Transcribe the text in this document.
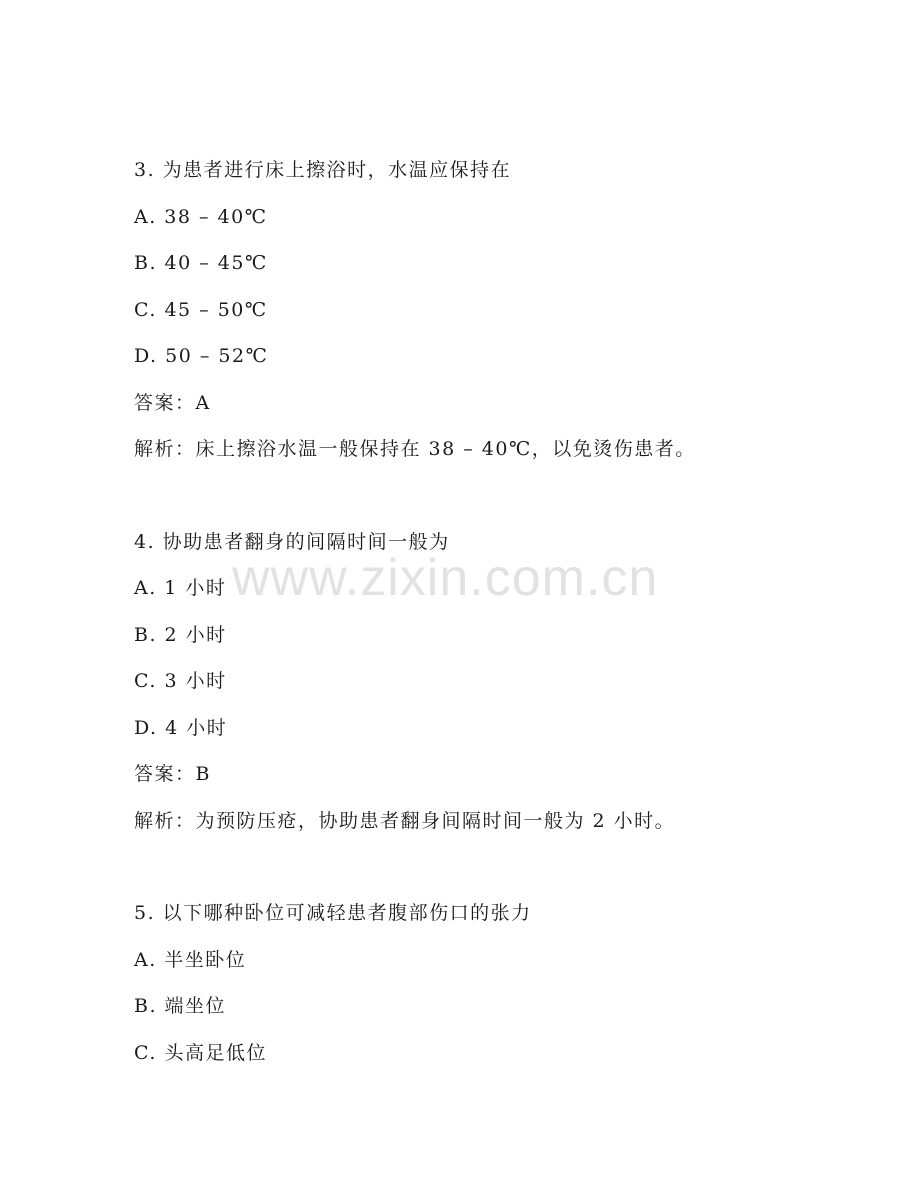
3. 为患者进行床上擦浴时，水温应保持在
A. 38 – 40℃
B. 40 – 45℃
C. 45 – 50℃
D. 50 – 52℃
答案：A
解析：床上擦浴水温一般保持在 38 – 40℃，以免烫伤患者。
4. 协助患者翻身的间隔时间一般为
A. 1 小时
B. 2 小时
C. 3 小时
D. 4 小时
答案：B
解析：为预防压疮，协助患者翻身间隔时间一般为 2 小时。
5. 以下哪种卧位可减轻患者腹部伤口的张力
A. 半坐卧位
B. 端坐位
C. 头高足低位
www.zixin.com.cn
